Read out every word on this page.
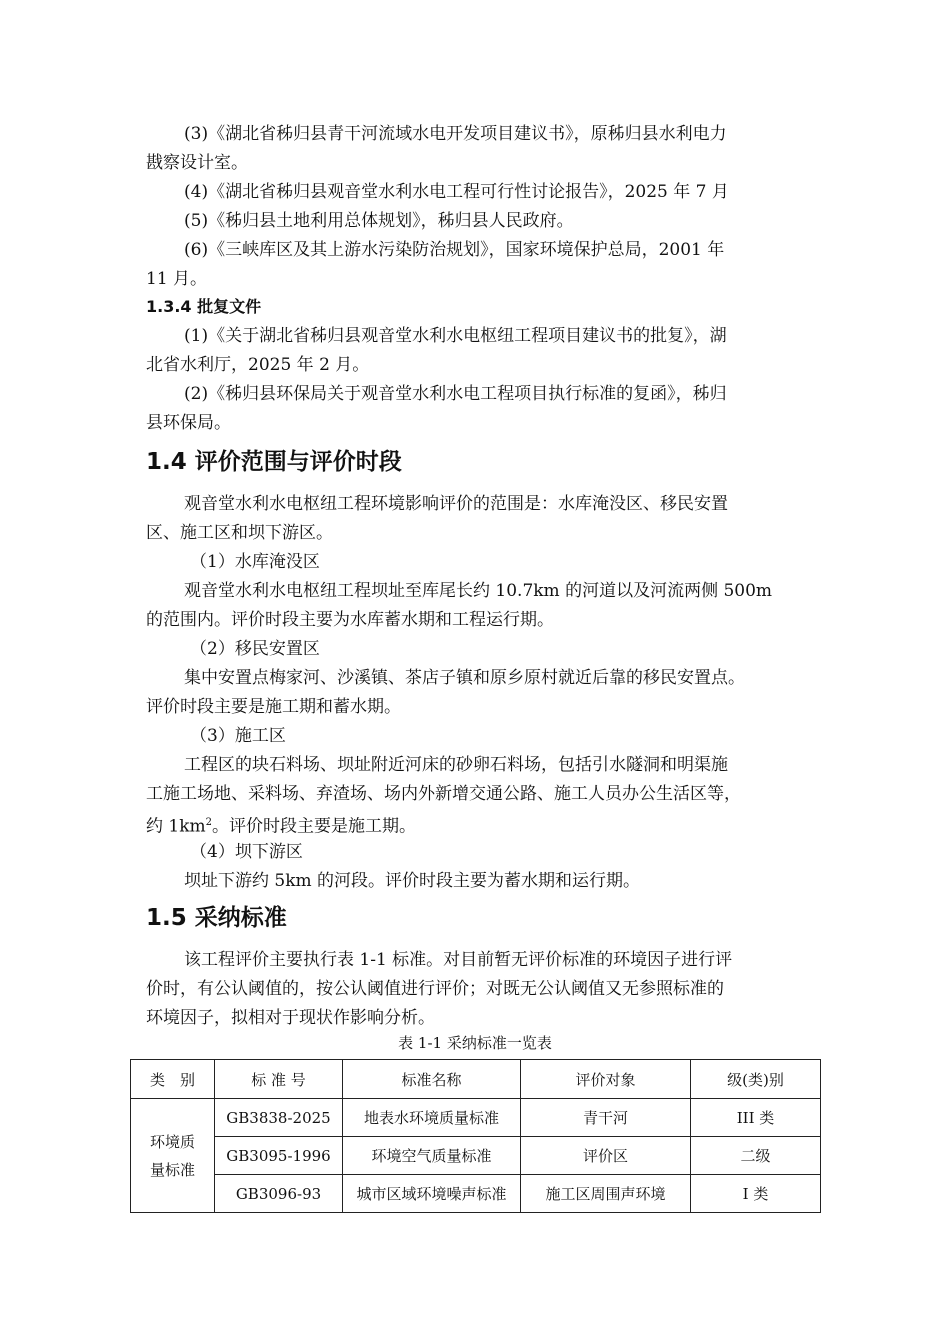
(3)《湖北省秭归县青干河流域水电开发项目建议书》，原秭归县水利电力
戡察设计室。
(4)《湖北省秭归县观音堂水利水电工程可行性讨论报告》，2025 年 7 月
(5)《秭归县土地利用总体规划》，秭归县人民政府。
(6)《三峡库区及其上游水污染防治规划》，国家环境保护总局，2001 年
11 月。
1.3.4 批复文件
(1)《关于湖北省秭归县观音堂水利水电枢纽工程项目建议书的批复》，湖
北省水利厅，2025 年 2 月。
(2)《秭归县环保局关于观音堂水利水电工程项目执行标准的复函》，秭归
县环保局。
1.4 评价范围与评价时段
观音堂水利水电枢纽工程环境影响评价的范围是：水库淹没区、移民安置
区、施工区和坝下游区。
（1）水库淹没区
观音堂水利水电枢纽工程坝址至库尾长约 10.7km 的河道以及河流两侧 500m
的范围内。评价时段主要为水库蓄水期和工程运行期。
（2）移民安置区
集中安置点梅家河、沙溪镇、茶店子镇和原乡原村就近后靠的移民安置点。
评价时段主要是施工期和蓄水期。
（3）施工区
工程区的块石料场、坝址附近河床的砂卵石料场，包括引水隧洞和明渠施
工施工场地、采料场、弃渣场、场内外新增交通公路、施工人员办公生活区等，
约 $1km^2$。评价时段主要是施工期。
（4）坝下游区
坝址下游约 5km 的河段。评价时段主要为蓄水期和运行期。
1.5 采纳标准
该工程评价主要执行表 1-1 标准。对目前暂无评价标准的环境因子进行评
价时，有公认阈值的，按公认阈值进行评价；对既无公认阈值又无参照标准的
环境因子，拟相对于现状作影响分析。
表 1-1 采纳标准一览表
类　别	标 准 号	标准名称	评价对象	级(类)别
环境质
量标准	GB3838-2025	地表水环境质量标准	青干河	III 类
	GB3095-1996	环境空气质量标准	评价区	二级
	GB3096-93	城市区域环境噪声标准	施工区周围声环境	Ⅰ 类
